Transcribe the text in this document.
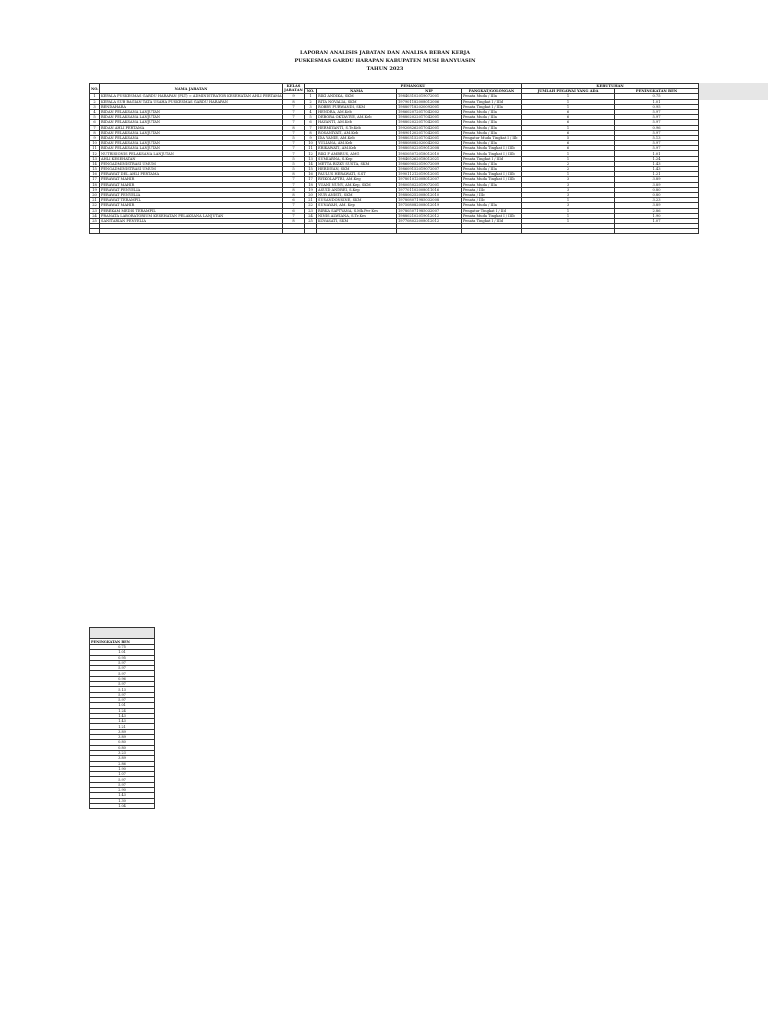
LAPORAN ANALISIS JABATAN DAN ANALISA BEBAN KERJA
PUSKESMAS GARDU HARAPAN KABUPATEN MUSI BANYUASIN
TAHUN 2023
NO.	NAMA JABATAN	KELAS JABATAN	PEMANGKU				KEBUTUHAN	
			NO.	NAMA	NIP	PANGKAT/GOLONGAN	JUMLAH PEGAWAI YANG ADA	PENINGKATAN BEN
1	KEPALA PUSKESMAS GARDU HARAPAN (PLT) = ADMINISTRATOR KESEHATAN AHLI PERTAMA	9	1	RIKI ANDIKA, SKM	198403102019072001	Penata Muda / IIIa	1	0.75
2	KEPALA SUB BAGIAN TATA USAHA PUSKESMAS GARDU HARAPAN	8	2	RITA NOVALIA, SKM	197901182008012006	Penata Tingkat I / IIId	1	1.01
3	BENDAHARA	7	3	ROBBY PURWANDI, SKM	198807182020092001	Penata Tingkat I / IIIa	1	0.95
4	BIDAN PELAKSANA LANJUTAN	7	4	HENDRA, AM.Keb	198602072017042002	Penata Muda / IIIa	6	5.97
5	BIDAN PELAKSANA LANJUTAN	7	5	DEBORA OKTAVIYE, AM.Keb	198802022017042001	Penata Muda / IIIa	6	5.97
6	BIDAN PELAKSANA LANJUTAN	7	6	HAYANTI, AM.Keb	198802022017042001	Penata Muda / IIIa	6	5.97
7	BIDAN AHLI PERTAMA	8	7	HERMIYANTI, S.Tr.Keb	199208262017042001	Penata Muda / IIIa	1	0.96
8	BIDAN PELAKSANA LANJUTAN	7	8	ROSANIYATI, AM.Keb	198901202017042001	Penata Muda / IIIa	6	5.97
9	BIDAN PELAKSANA	5	9	IDA YANIE, AM.Keb	198803152017042001	Pengatur Muda Tingkat I / IIb	5	5.13
10	BIDAN PELAKSANA LANJUTAN	7	10	YULIANA, AM.Keb	198808082020042002	Penata Muda / IIIa	6	5.97
11	BIDAN PELAKSANA LANJUTAN	7	11	ERIKAWATI, AM.Keb	198805022019012008	Penata Muda Tingkat I / IIIb	6	5.97
12	NUTRISIONIS PELAKSANA LANJUTAN	7	12	RIKI F AMBRUS, AMG	198505072018012010	Penata Muda Tingkat I / IIIb	1	1.01
13	AHLI KESEHATAN	5	13	SUMIARNA, S.Kep	198405262018012021	Penata Tingkat I / IIId	1	1.24
14	PENGADMINISTRASI UMUM	5	14	METTA RIZKY SUSTA, SKM	198609052019072009	Penata Muda / IIIa	2	1.43
15	PENGADMINISTRASI UMUM	5	15	HERDIYAN, SKM	198609152019072007	Penata Muda / IIIa	2	1.43
16	PERAWAT DEL AHLI PERTAMA	8	16	PAULUS HERAWATI, S.ST	199011212019012001	Penata Muda Tingkat I / IIIb	1	1.21
17	PERAWAT MAHIR	7	17	RYIKOLAFTRI, AM.Keg	197801012008012007	Penata Muda Tingkat I / IIIb	3	3.89
18	PERAWAT MAHIR	7	18	YUANI NUNY, AM.Kep, SKM	198005022019072001	Penata Muda / IIIa	3	3.89
19	PERAWAT PENYELIA	8	19	ASUID ANDREI, S.Kep	197701102008011016	Penata / IIIc	3	0.80
20	PERAWAT PENYELIA	8	20	NUR ANISTI, SKM	198806252008012010	Penata / IIIc	3	0.80
21	PERAWAT TERAMPIL	6	21	SUSANDONSINE, SKM	197808071985032008	Penata / IIIc	1	3.23
22	PERAWAT MAHIR	7	22	SUNAYAH, AM. Kep	197508082008012019	Penata Muda / IIIa	3	3.89
23	PEREKAM MEDIS TERAMPIL	6	23	RIRKA SAPTYANA, S.Mk.Per Kes	197805071985032007	Pengatur Tingkat I / IId	1	2.86
24	PRANATA LABORATORIUM KESEHATAN PELAKSANA LANJUTAN	7	24	NINIS ALWIANA, S.Tr.Kes	198802102019012012	Penata Muda Tingkat I / IIIb	1	1.90
25	SANITARIAN PENYELIA	8	25	KOVASATI, SKM	197708022008012012	Penata Tingkat I / IIId	1	1.07

PENINGKATAN BEN
0.75
1.01
0.95
5.97
5.97
5.97
0.96
5.97
5.13
5.97
5.97
1.01
1.24
1.43
1.43
1.21
3.89
3.89
0.80
0.80
3.23
3.89
2.86
1.90
1.07
5.97
5.97
2.90
1.43
1.30
1.04
